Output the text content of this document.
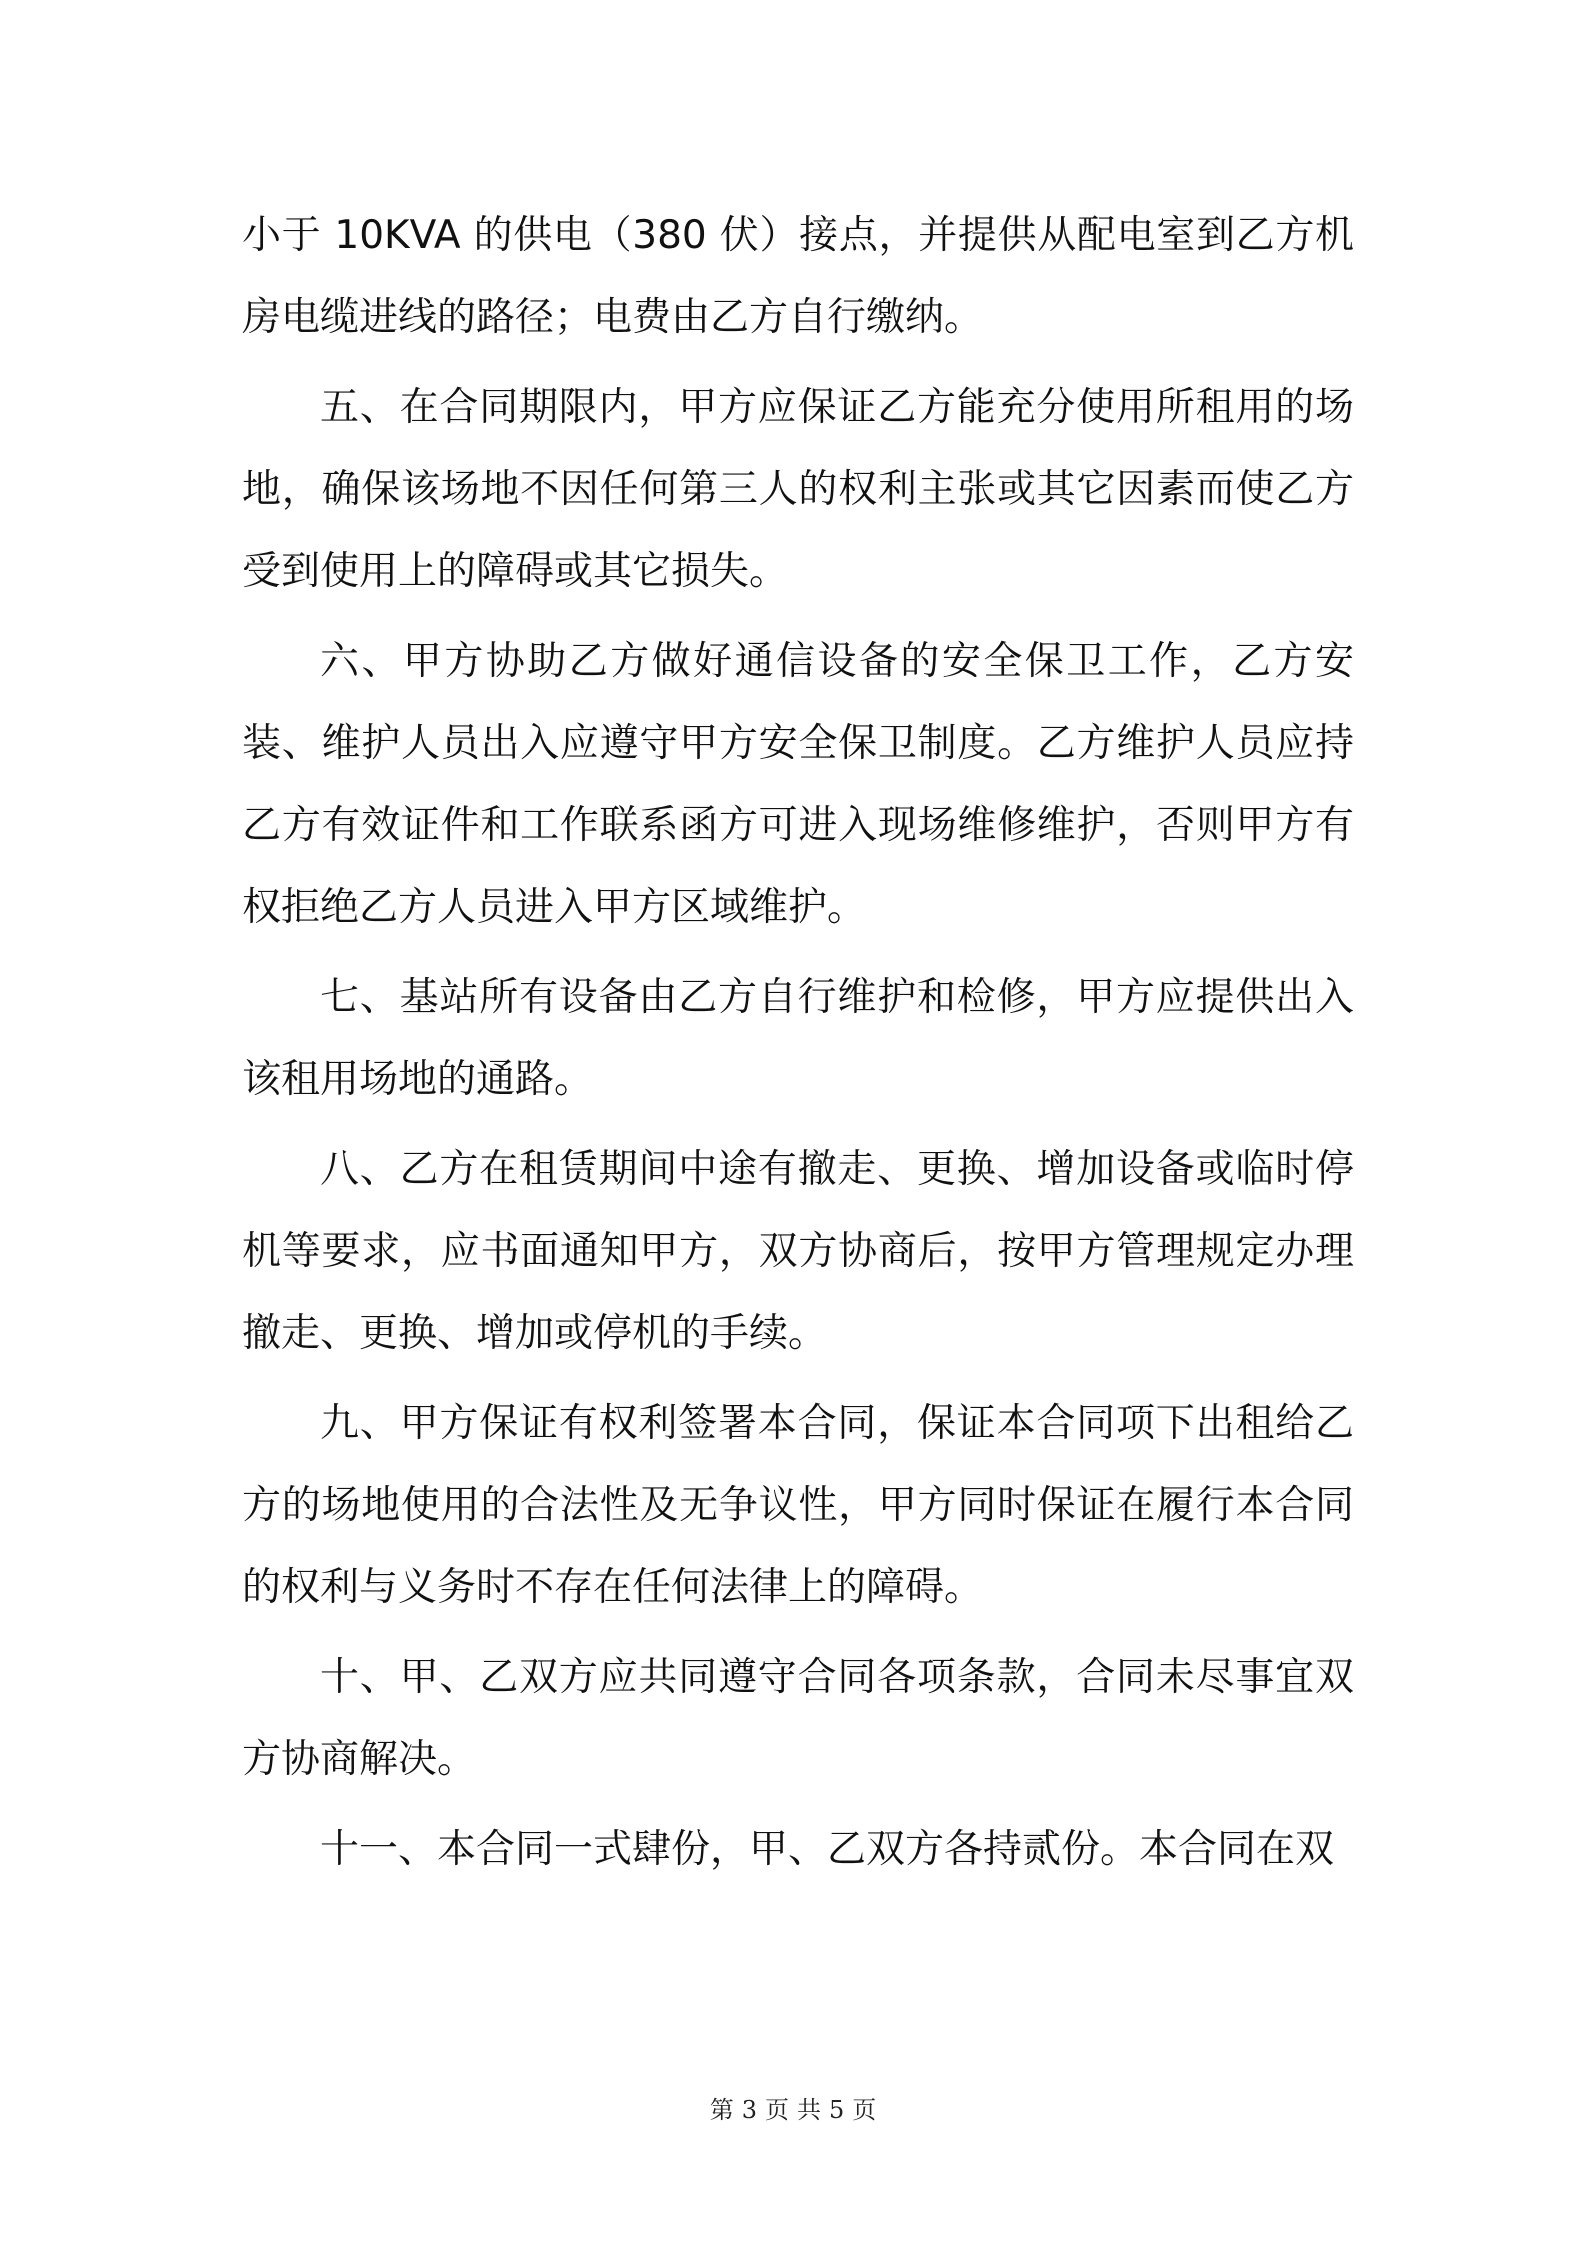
小于 10KVA 的供电（380 伏）接点，并提供从配电室到乙方机房电缆进线的路径；电费由乙方自行缴纳。

五、在合同期限内，甲方应保证乙方能充分使用所租用的场地，确保该场地不因任何第三人的权利主张或其它因素而使乙方受到使用上的障碍或其它损失。

六、甲方协助乙方做好通信设备的安全保卫工作，乙方安装、维护人员出入应遵守甲方安全保卫制度。乙方维护人员应持乙方有效证件和工作联系函方可进入现场维修维护，否则甲方有权拒绝乙方人员进入甲方区域维护。

七、基站所有设备由乙方自行维护和检修，甲方应提供出入该租用场地的通路。

八、乙方在租赁期间中途有撤走、更换、增加设备或临时停机等要求，应书面通知甲方，双方协商后，按甲方管理规定办理撤走、更换、增加或停机的手续。

九、甲方保证有权利签署本合同，保证本合同项下出租给乙方的场地使用的合法性及无争议性，甲方同时保证在履行本合同的权利与义务时不存在任何法律上的障碍。

十、甲、乙双方应共同遵守合同各项条款，合同未尽事宜双方协商解决。

十一、本合同一式肆份，甲、乙双方各持贰份。本合同在双

第 3 页 共 5 页
